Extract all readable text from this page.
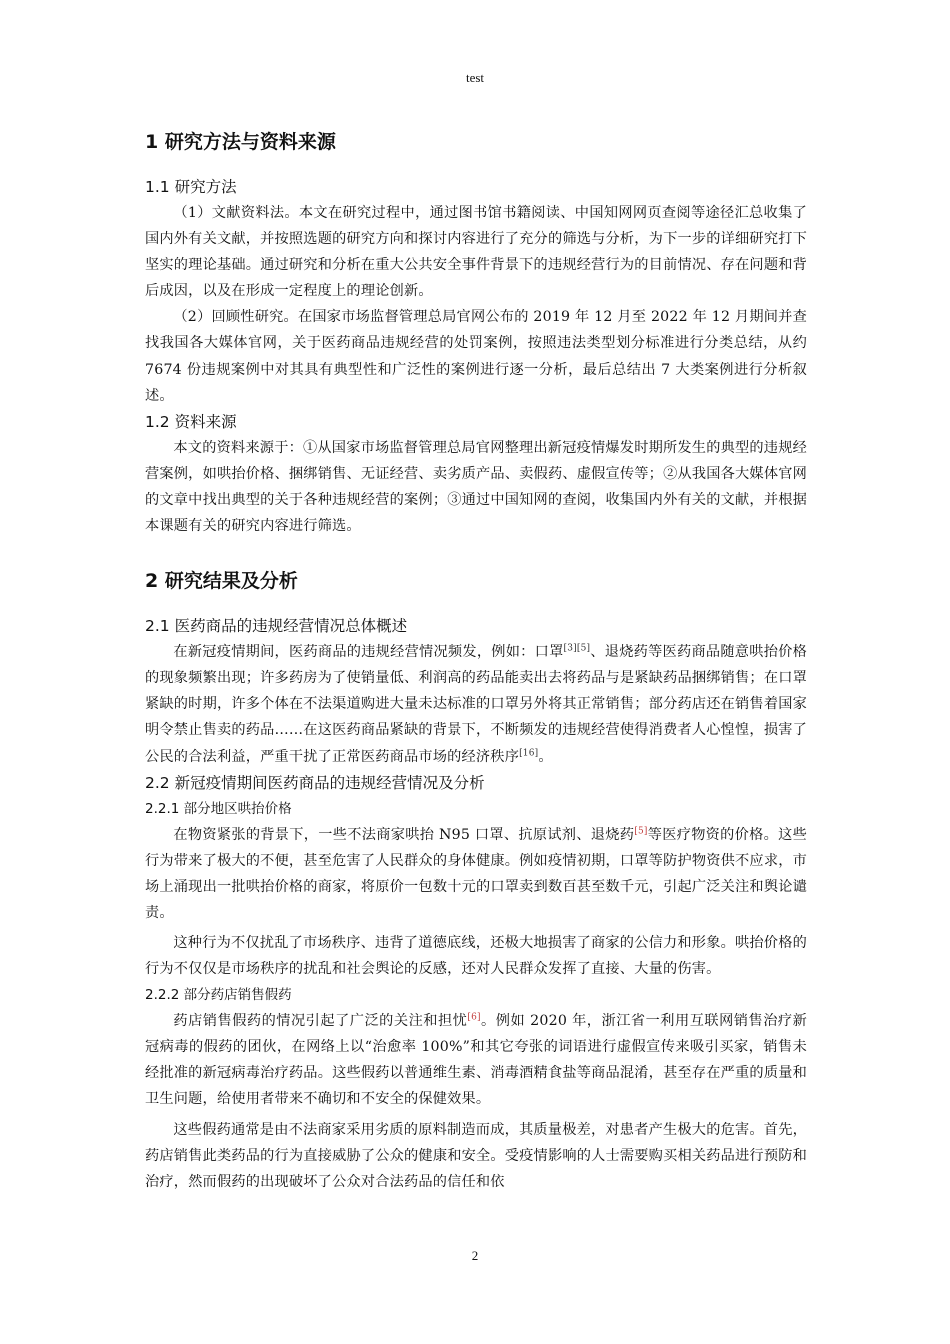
test
1 研究方法与资料来源
1.1 研究方法

（1）文献资料法。本文在研究过程中，通过图书馆书籍阅读、中国知网网页查阅等途径汇总收集了国内外有关文献，并按照选题的研究方向和探讨内容进行了充分的筛选与分析，为下一步的详细研究打下坚实的理论基础。通过研究和分析在重大公共安全事件背景下的违规经营行为的目前情况、存在问题和背后成因，以及在形成一定程度上的理论创新。

（2）回顾性研究。在国家市场监督管理总局官网公布的 2019 年 12 月至 2022 年 12 月期间并查找我国各大媒体官网，关于医药商品违规经营的处罚案例，按照违法类型划分标准进行分类总结，从约 7674 份违规案例中对其具有典型性和广泛性的案例进行逐一分析，最后总结出 7 大类案例进行分析叙述。

1.2 资料来源

本文的资料来源于：①从国家市场监督管理总局官网整理出新冠疫情爆发时期所发生的典型的违规经营案例，如哄抬价格、捆绑销售、无证经营、卖劣质产品、卖假药、虚假宣传等；②从我国各大媒体官网的文章中找出典型的关于各种违规经营的案例；③通过中国知网的查阅，收集国内外有关的文献，并根据本课题有关的研究内容进行筛选。

2 研究结果及分析
2.1 医药商品的违规经营情况总体概述

在新冠疫情期间，医药商品的违规经营情况频发，例如：口罩[3][5]、退烧药等医药商品随意哄抬价格的现象频繁出现；许多药房为了使销量低、利润高的药品能卖出去将药品与是紧缺药品捆绑销售；在口罩紧缺的时期，许多个体在不法渠道购进大量未达标准的口罩另外将其正常销售；部分药店还在销售着国家明令禁止售卖的药品……在这医药商品紧缺的背景下，不断频发的违规经营使得消费者人心惶惶，损害了公民的合法利益，严重干扰了正常医药商品市场的经济秩序[16]。

2.2 新冠疫情期间医药商品的违规经营情况及分析
2.2.1 部分地区哄抬价格

在物资紧张的背景下，一些不法商家哄抬 N95 口罩、抗原试剂、退烧药[5]等医疗物资的价格。这些行为带来了极大的不便，甚至危害了人民群众的身体健康。例如疫情初期，口罩等防护物资供不应求，市场上涌现出一批哄抬价格的商家，将原价一包数十元的口罩卖到数百甚至数千元，引起广泛关注和舆论谴责。

这种行为不仅扰乱了市场秩序、违背了道德底线，还极大地损害了商家的公信力和形象。哄抬价格的行为不仅仅是市场秩序的扰乱和社会舆论的反感，还对人民群众发挥了直接、大量的伤害。

2.2.2 部分药店销售假药

药店销售假药的情况引起了广泛的关注和担忧[6]。例如 2020 年，浙江省一利用互联网销售治疗新冠病毒的假药的团伙，在网络上以“治愈率 100%”和其它夸张的词语进行虚假宣传来吸引买家，销售未经批准的新冠病毒治疗药品。这些假药以普通维生素、消毒酒精食盐等商品混淆，甚至存在严重的质量和卫生问题，给使用者带来不确切和不安全的保健效果。

这些假药通常是由不法商家采用劣质的原料制造而成，其质量极差，对患者产生极大的危害。首先，药店销售此类药品的行为直接威胁了公众的健康和安全。受疫情影响的人士需要购买相关药品进行预防和治疗，然而假药的出现破坏了公众对合法药品的信任和依

2
